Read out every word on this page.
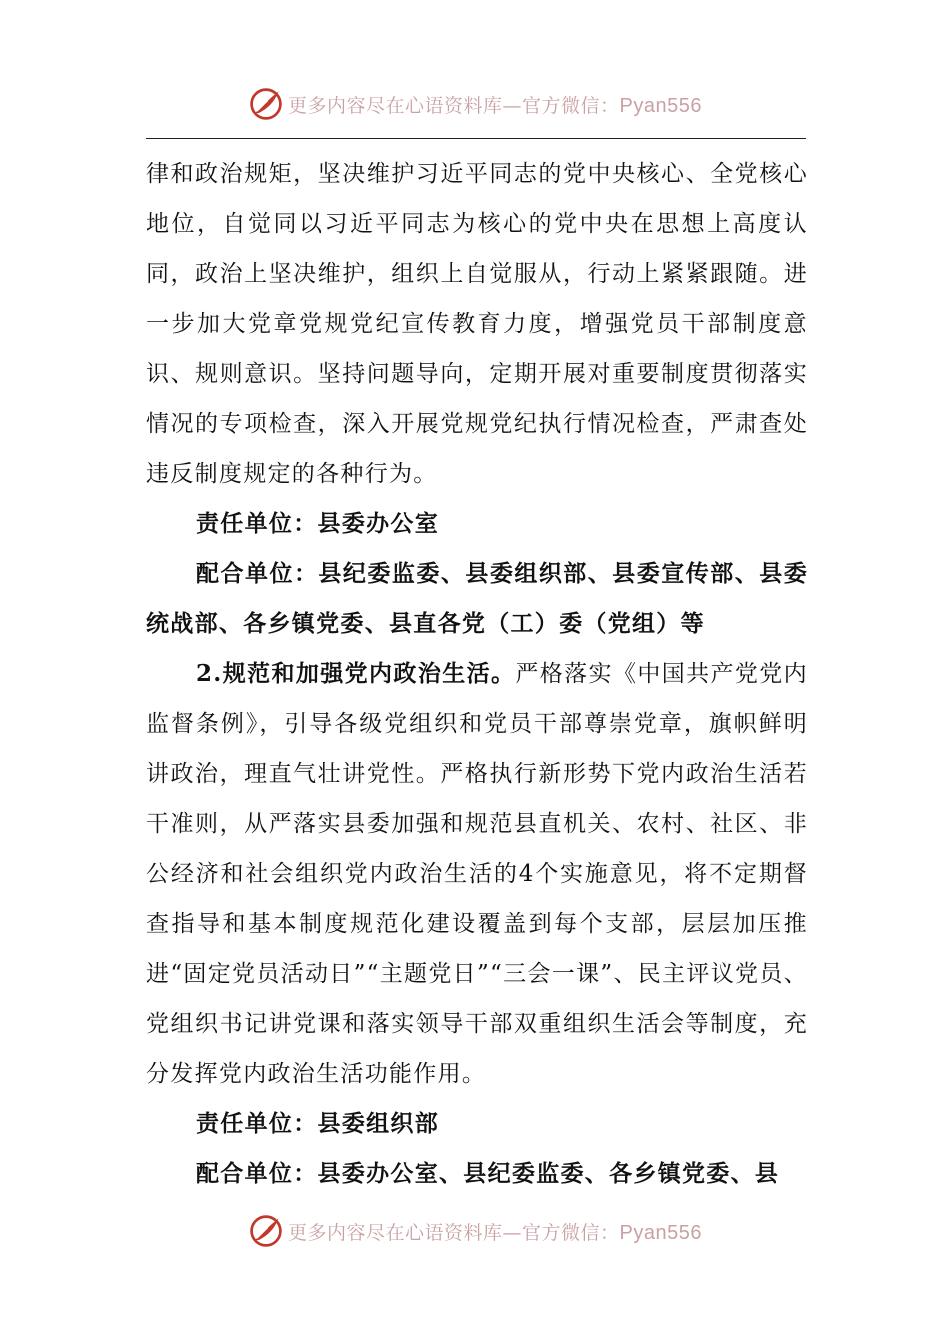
更多内容尽在心语资料库—官方微信：Pyan556

律和政治规矩，坚决维护习近平同志的党中央核心、全党核心地位，自觉同以习近平同志为核心的党中央在思想上高度认同，政治上坚决维护，组织上自觉服从，行动上紧紧跟随。进一步加大党章党规党纪宣传教育力度，增强党员干部制度意识、规则意识。坚持问题导向，定期开展对重要制度贯彻落实情况的专项检查，深入开展党规党纪执行情况检查，严肃查处违反制度规定的各种行为。

责任单位：县委办公室

配合单位：县纪委监委、县委组织部、县委宣传部、县委统战部、各乡镇党委、县直各党（工）委（党组）等

2.规范和加强党内政治生活。严格落实《中国共产党党内监督条例》，引导各级党组织和党员干部尊崇党章，旗帜鲜明讲政治，理直气壮讲党性。严格执行新形势下党内政治生活若干准则，从严落实县委加强和规范县直机关、农村、社区、非公经济和社会组织党内政治生活的4个实施意见，将不定期督查指导和基本制度规范化建设覆盖到每个支部，层层加压推进“固定党员活动日”“主题党日”“三会一课”、民主评议党员、党组织书记讲党课和落实领导干部双重组织生活会等制度，充分发挥党内政治生活功能作用。

责任单位：县委组织部

配合单位：县委办公室、县纪委监委、各乡镇党委、县

更多内容尽在心语资料库—官方微信：Pyan556
